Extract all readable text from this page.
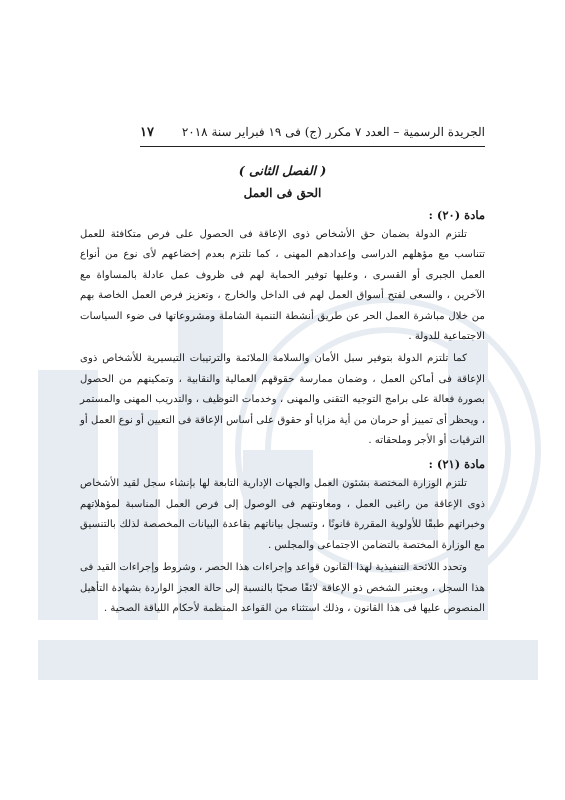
الجريدة الرسمية – العدد ٧ مكرر (ج) فى ١٩ فبراير سنة ٢٠١٨
١٧
( الفصل الثانى )
الحق فى العمل
مادة (٢٠) :

تلتزم الدولة بضمان حق الأشخاص ذوى الإعاقة فى الحصول على فرص متكافئة للعمل تتناسب مع مؤهلهم الدراسى وإعدادهم المهنى ، كما تلتزم بعدم إخضاعهم لأى نوع من أنواع العمل الجبرى أو القسرى ، وعليها توفير الحماية لهم فى ظروف عمل عادلة بالمساواة مع الآخرين ، والسعى لفتح أسواق العمل لهم فى الداخل والخارج ، وتعزيز فرص العمل الخاصة بهم من خلال مباشرة العمل الحر عن طريق أنشطة التنمية الشاملة ومشروعاتها فى ضوء السياسات الاجتماعية للدولة .

كما تلتزم الدولة بتوفير سبل الأمان والسلامة الملائمة والترتيبات التيسيرية للأشخاص ذوى الإعاقة فى أماكن العمل ، وضمان ممارسة حقوقهم العمالية والنقابية ، وتمكينهم من الحصول بصورة فعالة على برامج التوجيه التقنى والمهنى ، وخدمات التوظيف ، والتدريب المهنى والمستمر ، ويحظر أى تمييز أو حرمان من أية مزايا أو حقوق على أساس الإعاقة فى التعيين أو نوع العمل أو الترقيات أو الأجر وملحقاته .

مادة (٢١) :

تلتزم الوزارة المختصة بشئون العمل والجهات الإدارية التابعة لها بإنشاء سجل لقيد الأشخاص ذوى الإعاقة من راغبى العمل ، ومعاونتهم فى الوصول إلى فرص العمل المناسبة لمؤهلاتهم وخبراتهم طبقًا للأولوية المقررة قانونًا ، وتسجل بياناتهم بقاعدة البيانات المخصصة لذلك بالتنسيق مع الوزارة المختصة بالتضامن الاجتماعى والمجلس .

وتحدد اللائحة التنفيذية لهذا القانون قواعد وإجراءات هذا الحصر ، وشروط وإجراءات القيد فى هذا السجل ، ويعتبر الشخص ذو الإعاقة لائقًا صحيًا بالنسبة إلى حالة العجز الواردة بشهادة التأهيل المنصوص عليها فى هذا القانون ، وذلك استثناء من القواعد المنظمة لأحكام اللياقة الصحية .
